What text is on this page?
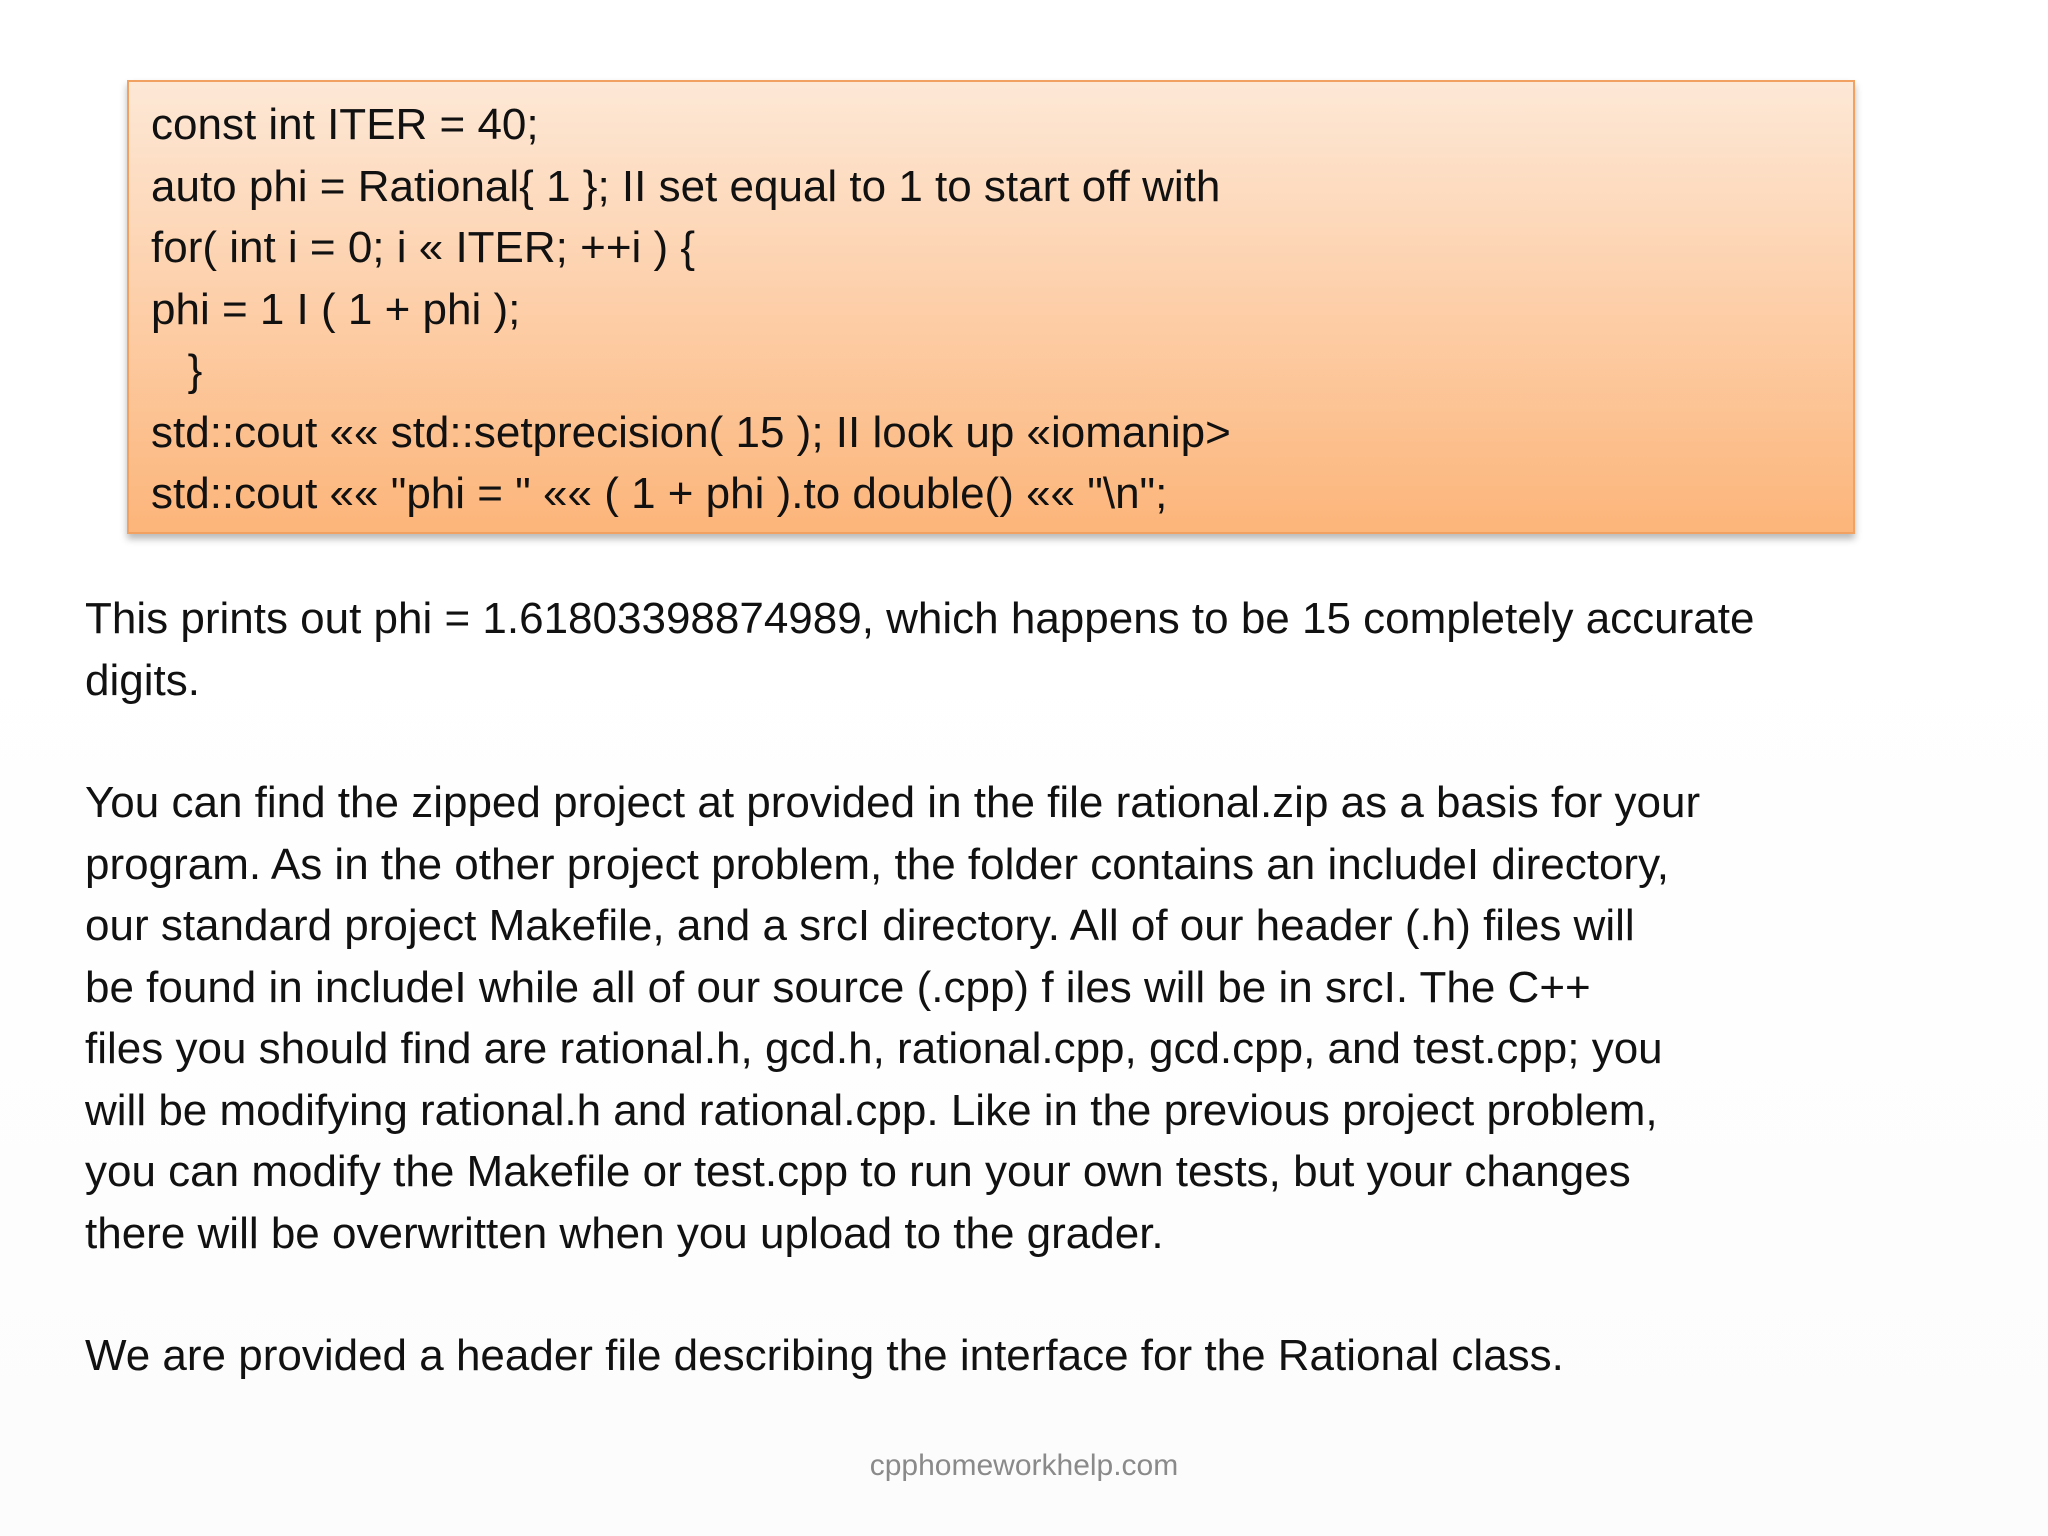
const int ITER = 40;
auto phi = Rational{ 1 }; II set equal to 1 to start off with
for( int i = 0; i « ITER; ++i ) {
phi = 1 I ( 1 + phi );
}
std::cout «« std::setprecision( 15 ); II look up «iomanip>
std::cout «« "phi = " «« ( 1 + phi ).to double() «« "\n";
This prints out phi = 1.61803398874989, which happens to be 15 completely accurate
digits.
You can find the zipped project at provided in the file rational.zip as a basis for your
program. As in the other project problem, the folder contains an includeI directory,
our standard project Makefile, and a srcI directory. All of our header (.h) files will
be found in includeI while all of our source (.cpp) f iles will be in srcI. The C++
files you should find are rational.h, gcd.h, rational.cpp, gcd.cpp, and test.cpp; you
will be modifying rational.h and rational.cpp. Like in the previous project problem,
you can modify the Makefile or test.cpp to run your own tests, but your changes
there will be overwritten when you upload to the grader.
We are provided a header file describing the interface for the Rational class.
cpphomeworkhelp.com
